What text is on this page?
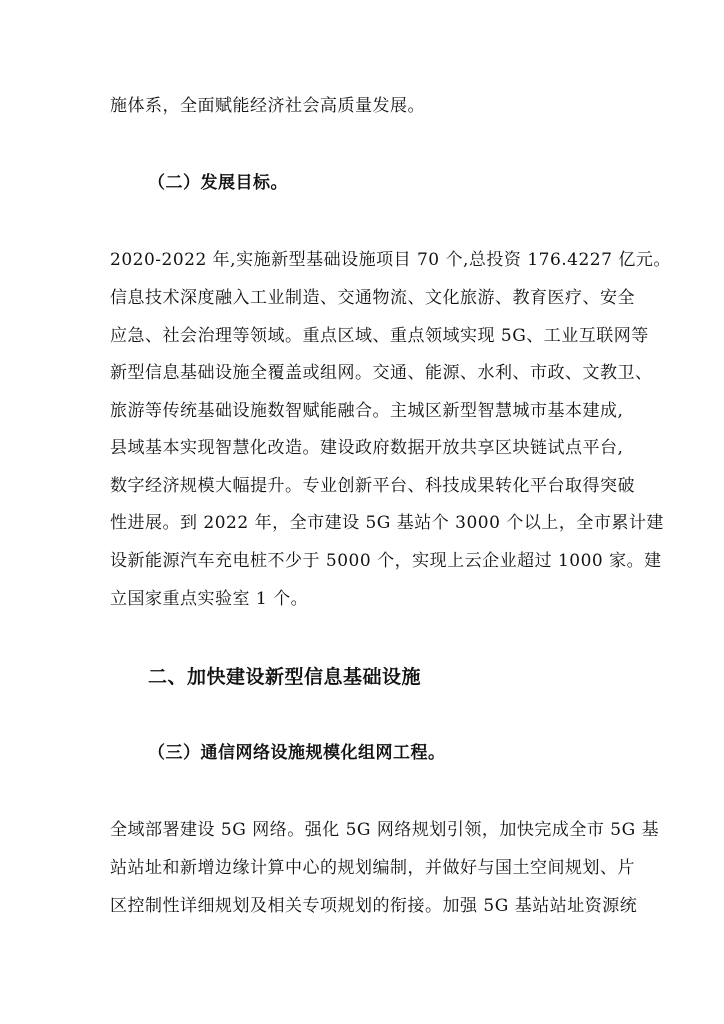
施体系，全面赋能经济社会高质量发展。
（二）发展目标。
2020-2022 年,实施新型基础设施项目 70 个,总投资 176.4227 亿元。
信息技术深度融入工业制造、交通物流、文化旅游、教育医疗、安全
应急、社会治理等领域。重点区域、重点领域实现 5G、工业互联网等
新型信息基础设施全覆盖或组网。交通、能源、水利、市政、文教卫、
旅游等传统基础设施数智赋能融合。主城区新型智慧城市基本建成,
县域基本实现智慧化改造。建设政府数据开放共享区块链试点平台,
数字经济规模大幅提升。专业创新平台、科技成果转化平台取得突破
性进展。到 2022 年，全市建设 5G 基站个 3000 个以上，全市累计建
设新能源汽车充电桩不少于 5000 个，实现上云企业超过 1000 家。建
立国家重点实验室 1 个。
二、加快建设新型信息基础设施
（三）通信网络设施规模化组网工程。
全域部署建设 5G 网络。强化 5G 网络规划引领，加快完成全市 5G 基
站站址和新增边缘计算中心的规划编制，并做好与国土空间规划、片
区控制性详细规划及相关专项规划的衔接。加强 5G 基站站址资源统
